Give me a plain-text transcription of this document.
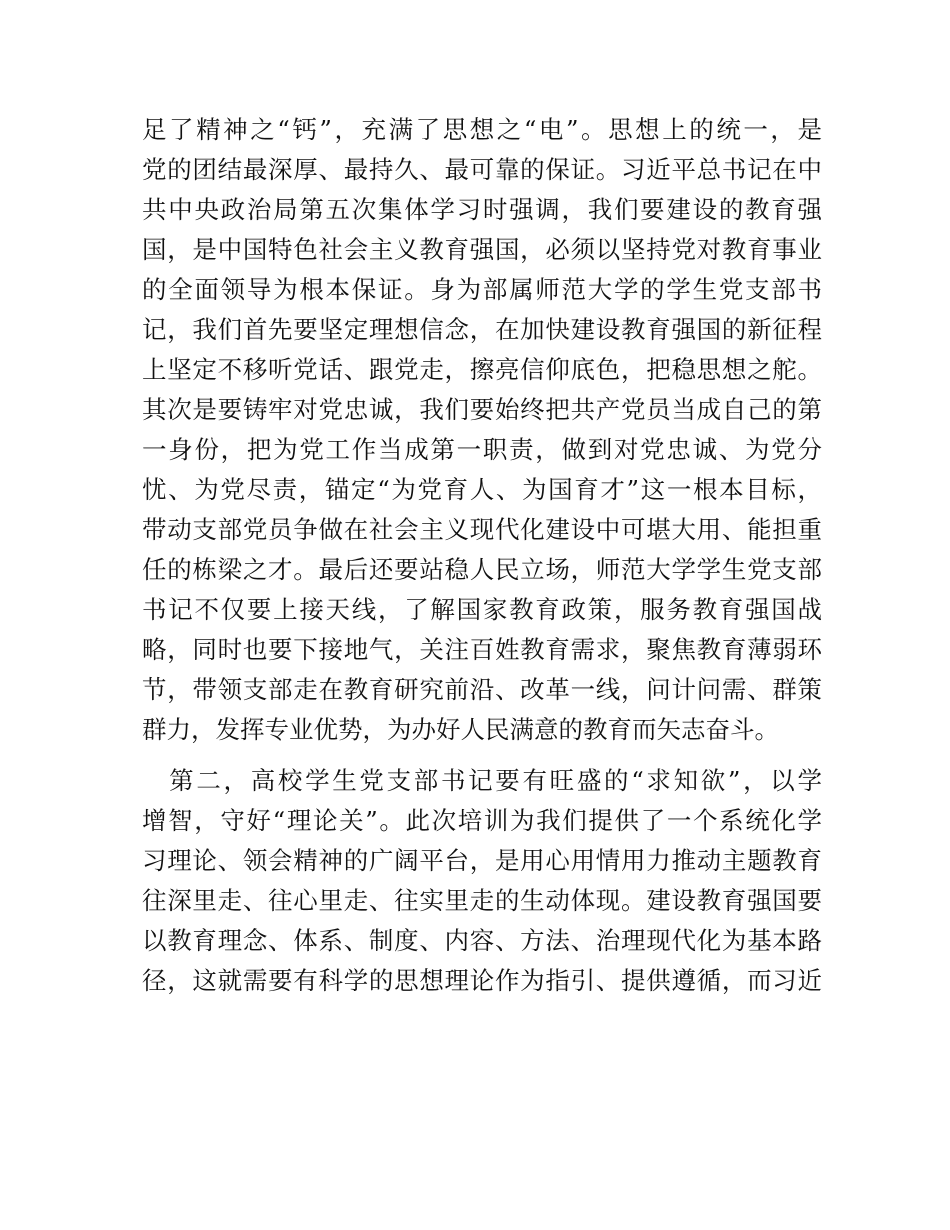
足了精神之“钙”，充满了思想之“电”。思想上的统一，是
党的团结最深厚、最持久、最可靠的保证。习近平总书记在中
共中央政治局第五次集体学习时强调，我们要建设的教育强
国，是中国特色社会主义教育强国，必须以坚持党对教育事业
的全面领导为根本保证。身为部属师范大学的学生党支部书
记，我们首先要坚定理想信念，在加快建设教育强国的新征程
上坚定不移听党话、跟党走，擦亮信仰底色，把稳思想之舵。
其次是要铸牢对党忠诚，我们要始终把共产党员当成自己的第
一身份，把为党工作当成第一职责，做到对党忠诚、为党分
忧、为党尽责，锚定“为党育人、为国育才”这一根本目标，
带动支部党员争做在社会主义现代化建设中可堪大用、能担重
任的栋梁之才。最后还要站稳人民立场，师范大学学生党支部
书记不仅要上接天线，了解国家教育政策，服务教育强国战
略，同时也要下接地气，关注百姓教育需求，聚焦教育薄弱环
节，带领支部走在教育研究前沿、改革一线，问计问需、群策
群力，发挥专业优势，为办好人民满意的教育而矢志奋斗。
　第二，高校学生党支部书记要有旺盛的“求知欲”，以学
增智，守好“理论关”。此次培训为我们提供了一个系统化学
习理论、领会精神的广阔平台，是用心用情用力推动主题教育
往深里走、往心里走、往实里走的生动体现。建设教育强国要
以教育理念、体系、制度、内容、方法、治理现代化为基本路
径，这就需要有科学的思想理论作为指引、提供遵循，而习近
